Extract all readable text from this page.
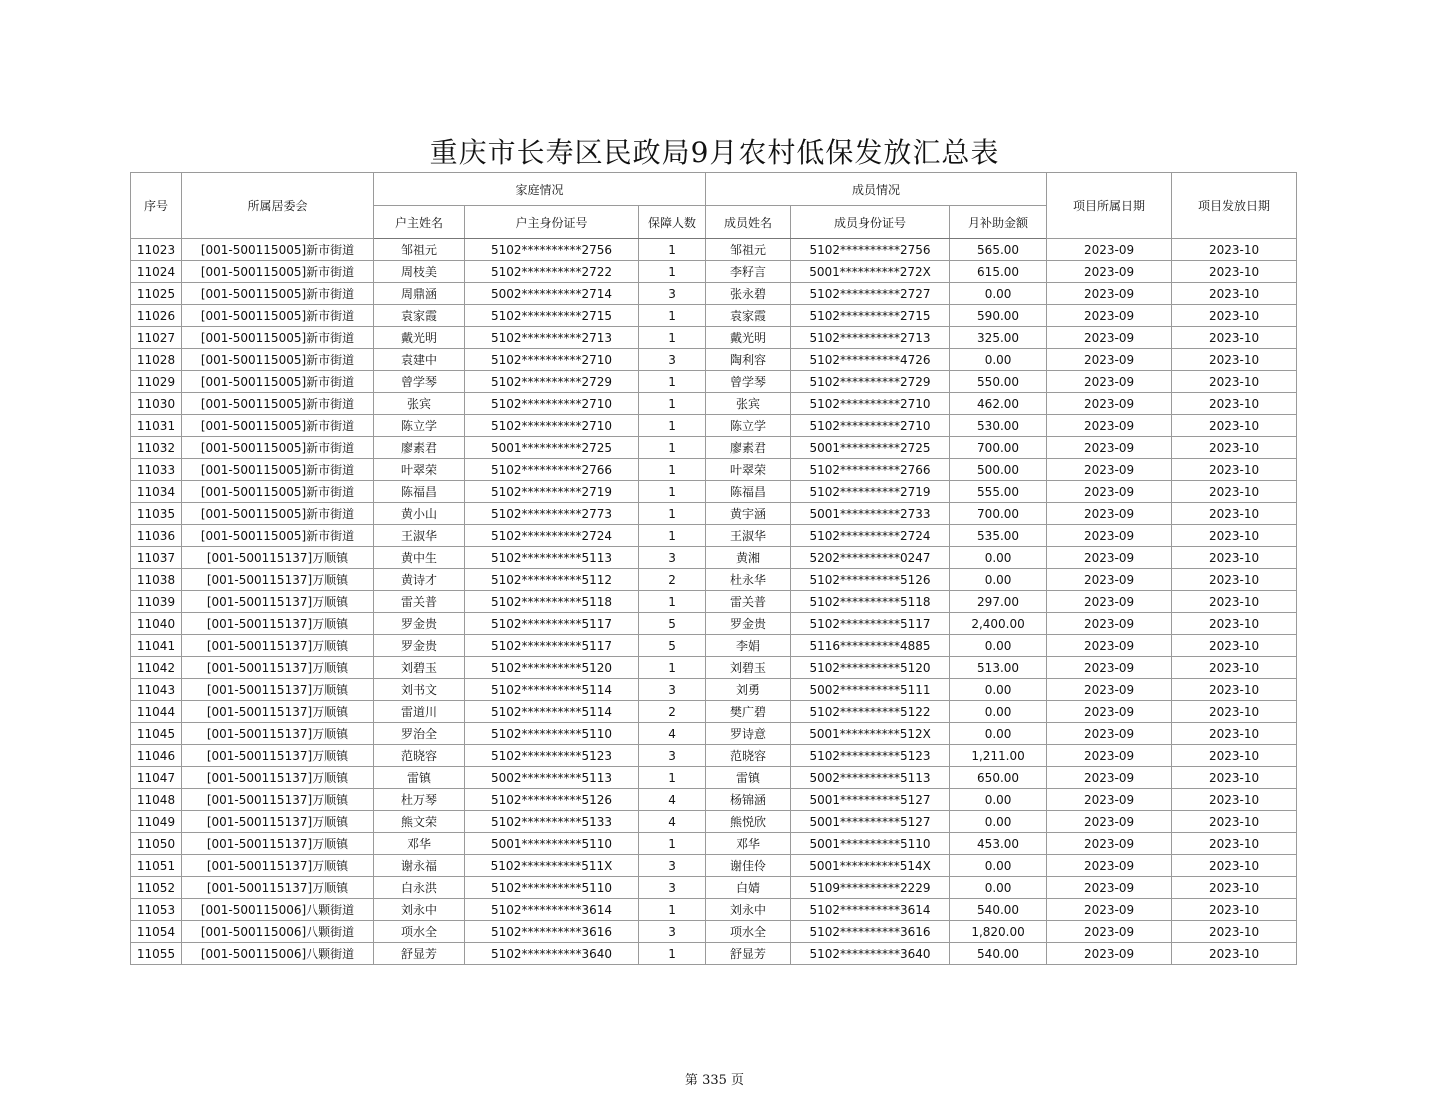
重庆市长寿区民政局9月农村低保发放汇总表
序号	所属居委会	家庭情况			成员情况			项目所属日期	项目发放日期
		户主姓名	户主身份证号	保障人数	成员姓名	成员身份证号	月补助金额		
11023	[001-500115005]新市街道	邹祖元	5102**********2756	1	邹祖元	5102**********2756	565.00	2023-09	2023-10
11024	[001-500115005]新市街道	周枝美	5102**********2722	1	李籽言	5001**********272X	615.00	2023-09	2023-10
11025	[001-500115005]新市街道	周鼎涵	5002**********2714	3	张永碧	5102**********2727	0.00	2023-09	2023-10
11026	[001-500115005]新市街道	袁家霞	5102**********2715	1	袁家霞	5102**********2715	590.00	2023-09	2023-10
11027	[001-500115005]新市街道	戴光明	5102**********2713	1	戴光明	5102**********2713	325.00	2023-09	2023-10
11028	[001-500115005]新市街道	袁建中	5102**********2710	3	陶利容	5102**********4726	0.00	2023-09	2023-10
11029	[001-500115005]新市街道	曾学琴	5102**********2729	1	曾学琴	5102**********2729	550.00	2023-09	2023-10
11030	[001-500115005]新市街道	张宾	5102**********2710	1	张宾	5102**********2710	462.00	2023-09	2023-10
11031	[001-500115005]新市街道	陈立学	5102**********2710	1	陈立学	5102**********2710	530.00	2023-09	2023-10
11032	[001-500115005]新市街道	廖素君	5001**********2725	1	廖素君	5001**********2725	700.00	2023-09	2023-10
11033	[001-500115005]新市街道	叶翠荣	5102**********2766	1	叶翠荣	5102**********2766	500.00	2023-09	2023-10
11034	[001-500115005]新市街道	陈福昌	5102**********2719	1	陈福昌	5102**********2719	555.00	2023-09	2023-10
11035	[001-500115005]新市街道	黄小山	5102**********2773	1	黄宇涵	5001**********2733	700.00	2023-09	2023-10
11036	[001-500115005]新市街道	王淑华	5102**********2724	1	王淑华	5102**********2724	535.00	2023-09	2023-10
11037	[001-500115137]万顺镇	黄中生	5102**********5113	3	黄湘	5202**********0247	0.00	2023-09	2023-10
11038	[001-500115137]万顺镇	黄诗才	5102**********5112	2	杜永华	5102**********5126	0.00	2023-09	2023-10
11039	[001-500115137]万顺镇	雷关普	5102**********5118	1	雷关普	5102**********5118	297.00	2023-09	2023-10
11040	[001-500115137]万顺镇	罗金贵	5102**********5117	5	罗金贵	5102**********5117	2,400.00	2023-09	2023-10
11041	[001-500115137]万顺镇	罗金贵	5102**********5117	5	李娟	5116**********4885	0.00	2023-09	2023-10
11042	[001-500115137]万顺镇	刘碧玉	5102**********5120	1	刘碧玉	5102**********5120	513.00	2023-09	2023-10
11043	[001-500115137]万顺镇	刘书文	5102**********5114	3	刘勇	5002**********5111	0.00	2023-09	2023-10
11044	[001-500115137]万顺镇	雷道川	5102**********5114	2	樊广碧	5102**********5122	0.00	2023-09	2023-10
11045	[001-500115137]万顺镇	罗治全	5102**********5110	4	罗诗意	5001**********512X	0.00	2023-09	2023-10
11046	[001-500115137]万顺镇	范晓容	5102**********5123	3	范晓容	5102**********5123	1,211.00	2023-09	2023-10
11047	[001-500115137]万顺镇	雷镇	5002**********5113	1	雷镇	5002**********5113	650.00	2023-09	2023-10
11048	[001-500115137]万顺镇	杜万琴	5102**********5126	4	杨锦涵	5001**********5127	0.00	2023-09	2023-10
11049	[001-500115137]万顺镇	熊文荣	5102**********5133	4	熊悦欣	5001**********5127	0.00	2023-09	2023-10
11050	[001-500115137]万顺镇	邓华	5001**********5110	1	邓华	5001**********5110	453.00	2023-09	2023-10
11051	[001-500115137]万顺镇	谢永福	5102**********511X	3	谢佳伶	5001**********514X	0.00	2023-09	2023-10
11052	[001-500115137]万顺镇	白永洪	5102**********5110	3	白婧	5109**********2229	0.00	2023-09	2023-10
11053	[001-500115006]八颗街道	刘永中	5102**********3614	1	刘永中	5102**********3614	540.00	2023-09	2023-10
11054	[001-500115006]八颗街道	项水全	5102**********3616	3	项水全	5102**********3616	1,820.00	2023-09	2023-10
11055	[001-500115006]八颗街道	舒显芳	5102**********3640	1	舒显芳	5102**********3640	540.00	2023-09	2023-10
第 335 页
